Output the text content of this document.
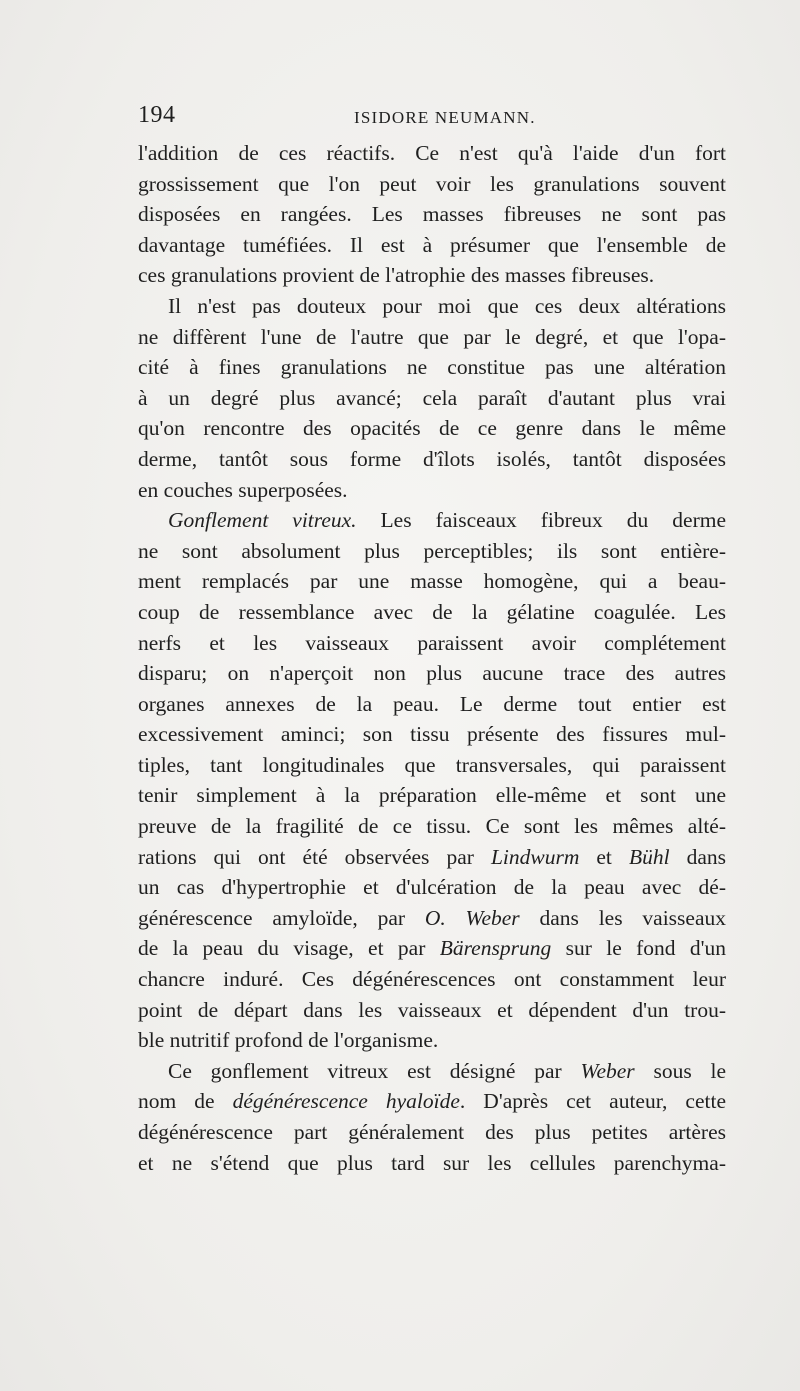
194	ISIDORE NEUMANN.
l'addition de ces réactifs. Ce n'est qu'à l'aide d'un fort
grossissement que l'on peut voir les granulations souvent
disposées en rangées. Les masses fibreuses ne sont pas
davantage tuméfiées. Il est à présumer que l'ensemble de
ces granulations provient de l'atrophie des masses fibreuses.
Il n'est pas douteux pour moi que ces deux altérations
ne diffèrent l'une de l'autre que par le degré, et que l'opa-
cité à fines granulations ne constitue pas une altération
à un degré plus avancé; cela paraît d'autant plus vrai
qu'on rencontre des opacités de ce genre dans le même
derme, tantôt sous forme d'îlots isolés, tantôt disposées
en couches superposées.
Gonflement vitreux. Les faisceaux fibreux du derme
ne sont absolument plus perceptibles; ils sont entière-
ment remplacés par une masse homogène, qui a beau-
coup de ressemblance avec de la gélatine coagulée. Les
nerfs et les vaisseaux paraissent avoir complétement
disparu; on n'aperçoit non plus aucune trace des autres
organes annexes de la peau. Le derme tout entier est
excessivement aminci; son tissu présente des fissures mul-
tiples, tant longitudinales que transversales, qui paraissent
tenir simplement à la préparation elle-même et sont une
preuve de la fragilité de ce tissu. Ce sont les mêmes alté-
rations qui ont été observées par Lindwurm et Bühl dans
un cas d'hypertrophie et d'ulcération de la peau avec dé-
générescence amyloïde, par O. Weber dans les vaisseaux
de la peau du visage, et par Bärensprung sur le fond d'un
chancre induré. Ces dégénérescences ont constamment leur
point de départ dans les vaisseaux et dépendent d'un trou-
ble nutritif profond de l'organisme.
Ce gonflement vitreux est désigné par Weber sous le
nom de dégénérescence hyaloïde. D'après cet auteur, cette
dégénérescence part généralement des plus petites artères
et ne s'étend que plus tard sur les cellules parenchyma-
